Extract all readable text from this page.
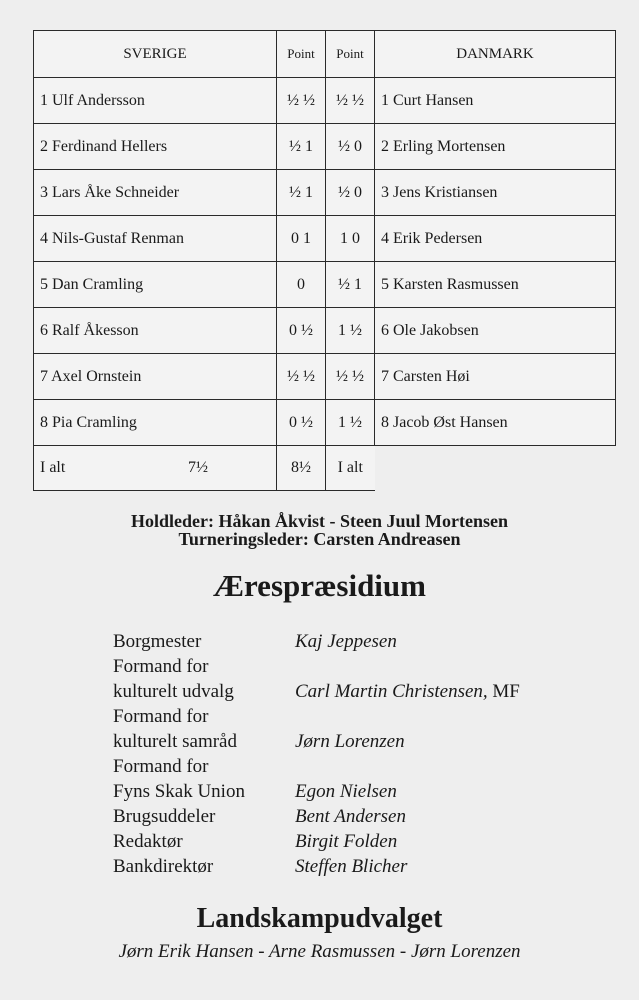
SVERIGE	Point	Point	DANMARK
1 Ulf Andersson	½ ½	½ ½	1 Curt Hansen
2 Ferdinand Hellers	½ 1	½ 0	2 Erling Mortensen
3 Lars Åke Schneider	½ 1	½ 0	3 Jens Kristiansen
4 Nils-Gustaf Renman	0 1	1 0	4 Erik Pedersen
5 Dan Cramling	0	½ 1	5 Karsten Rasmussen
6 Ralf Åkesson	0 ½	1 ½	6 Ole Jakobsen
7 Axel Ornstein	½ ½	½ ½	7 Carsten Høi
8 Pia Cramling	0 ½	1 ½	8 Jacob Øst Hansen

I alt 7½	8½	I alt	
Holdleder: Håkan Åkvist - Steen Juul Mortensen
Turneringsleder: Carsten Andreasen
Ærespræsidium
Borgmester	Kaj Jeppesen
Formand for
kulturelt udvalg	Carl Martin Christensen, MF
Formand for
kulturelt samråd	Jørn Lorenzen
Formand for
Fyns Skak Union	Egon Nielsen
Brugsuddeler	Bent Andersen
Redaktør	Birgit Folden
Bankdirektør	Steffen Blicher
Landskampudvalget
Jørn Erik Hansen - Arne Rasmussen - Jørn Lorenzen
